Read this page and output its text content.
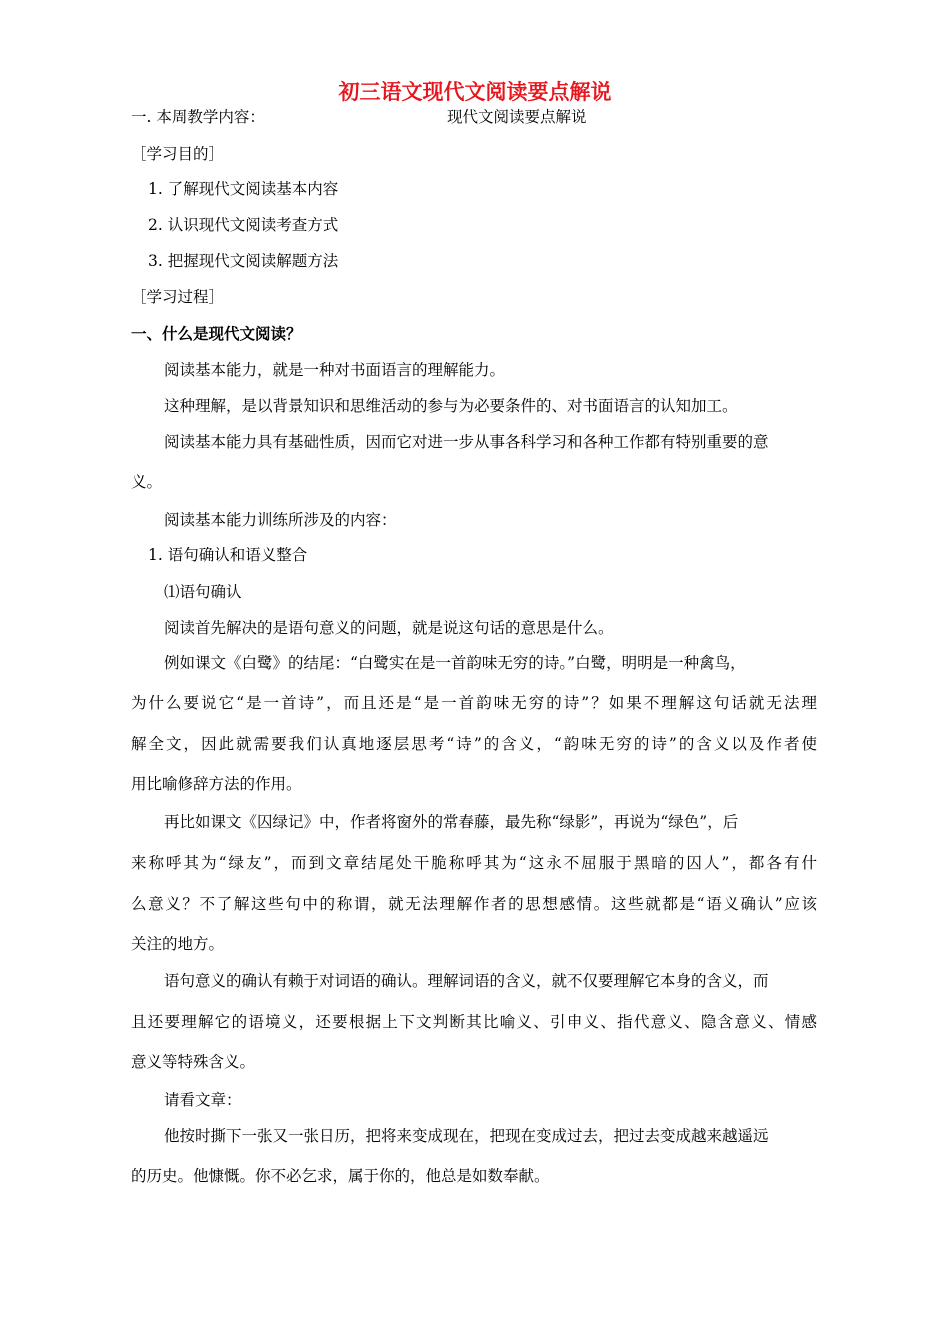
初三语文现代文阅读要点解说
一. 本周教学内容：	现代文阅读要点解说
［学习目的］
1. 了解现代文阅读基本内容
2. 认识现代文阅读考查方式
3. 把握现代文阅读解题方法
［学习过程］
一、什么是现代文阅读？
阅读基本能力，就是一种对书面语言的理解能力。
这种理解，是以背景知识和思维活动的参与为必要条件的、对书面语言的认知加工。
阅读基本能力具有基础性质，因而它对进一步从事各科学习和各种工作都有特别重要的意
义。
阅读基本能力训练所涉及的内容：
1. 语句确认和语义整合
⑴语句确认
阅读首先解决的是语句意义的问题，就是说这句话的意思是什么。
例如课文《白鹭》的结尾：“白鹭实在是一首韵味无穷的诗。”白鹭，明明是一种禽鸟，
为什么要说它“是一首诗”，而且还是“是一首韵味无穷的诗”？如果不理解这句话就无法理
解全文，因此就需要我们认真地逐层思考“诗”的含义，“韵味无穷的诗”的含义以及作者使
用比喻修辞方法的作用。
再比如课文《囚绿记》中，作者将窗外的常春藤，最先称“绿影”，再说为“绿色”，后
来称呼其为“绿友”，而到文章结尾处干脆称呼其为“这永不屈服于黑暗的囚人”，都各有什
么意义？不了解这些句中的称谓，就无法理解作者的思想感情。这些就都是“语义确认”应该
关注的地方。
语句意义的确认有赖于对词语的确认。理解词语的含义，就不仅要理解它本身的含义，而
且还要理解它的语境义，还要根据上下文判断其比喻义、引申义、指代意义、隐含意义、情感
意义等特殊含义。
请看文章：
他按时撕下一张又一张日历，把将来变成现在，把现在变成过去，把过去变成越来越遥远
的历史。他慷慨。你不必乞求，属于你的，他总是如数奉献。
